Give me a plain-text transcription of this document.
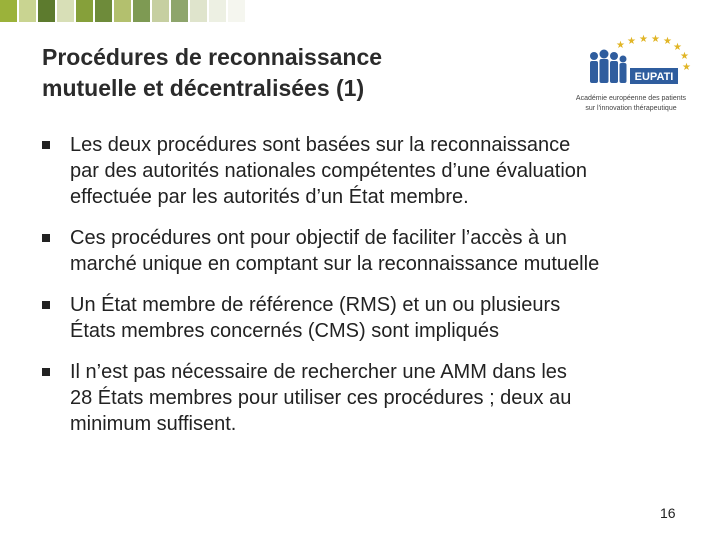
Procédures de reconnaissance
mutuelle et décentralisées (1)
★ ★ ★ ★ ★
★
★
★
EUPATI
Académie européenne des patients
sur l'innovation thérapeutique
Les deux procédures sont basées sur la reconnaissance
par des autorités nationales compétentes d’une évaluation
effectuée par les autorités d’un État membre.
Ces procédures ont pour objectif de faciliter l’accès à un
marché unique en comptant sur la reconnaissance mutuelle
Un État membre de référence (RMS) et un ou plusieurs
États membres concernés (CMS) sont impliqués
Il n’est pas nécessaire de rechercher une AMM dans les
28 États membres pour utiliser ces procédures ; deux au
minimum suffisent.
16
